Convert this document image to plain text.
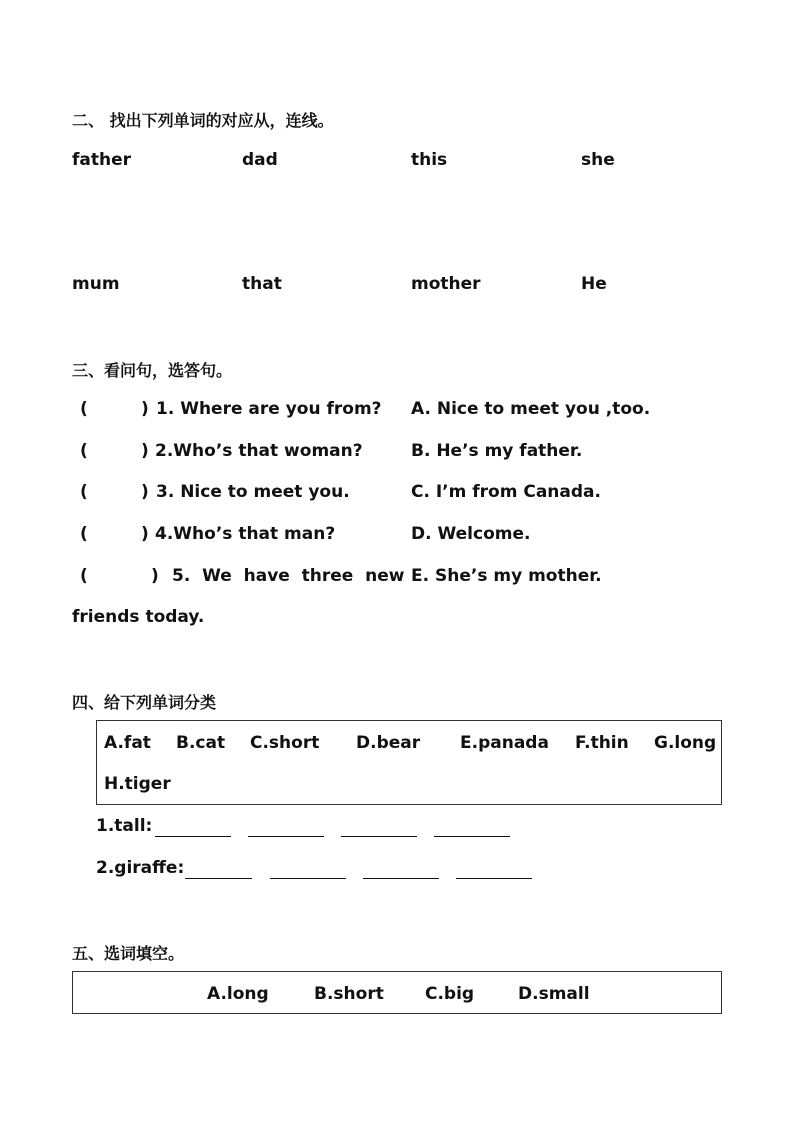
二、 找出下列单词的对应从，连线。
father	dad	this	she
mum	that	mother	He
三、看问句，选答句。
(	) 1. Where are you from? A. Nice to meet you ,too.
(	) 2.Who’s that woman?	B. He’s my father.
(	) 3. Nice to meet you.	C. I’m from Canada.
(	) 4.Who’s that man?	D. Welcome.
(	) 5.  We  have  three  new E. She’s my mother.
friends today.
四、给下列单词分类
A.fat B.cat C.short D.bear E.panada F.thin G.long
H.tiger
1.tall:
2.giraffe:
五、选词填空。
A.long	B.short C.big	D.small
